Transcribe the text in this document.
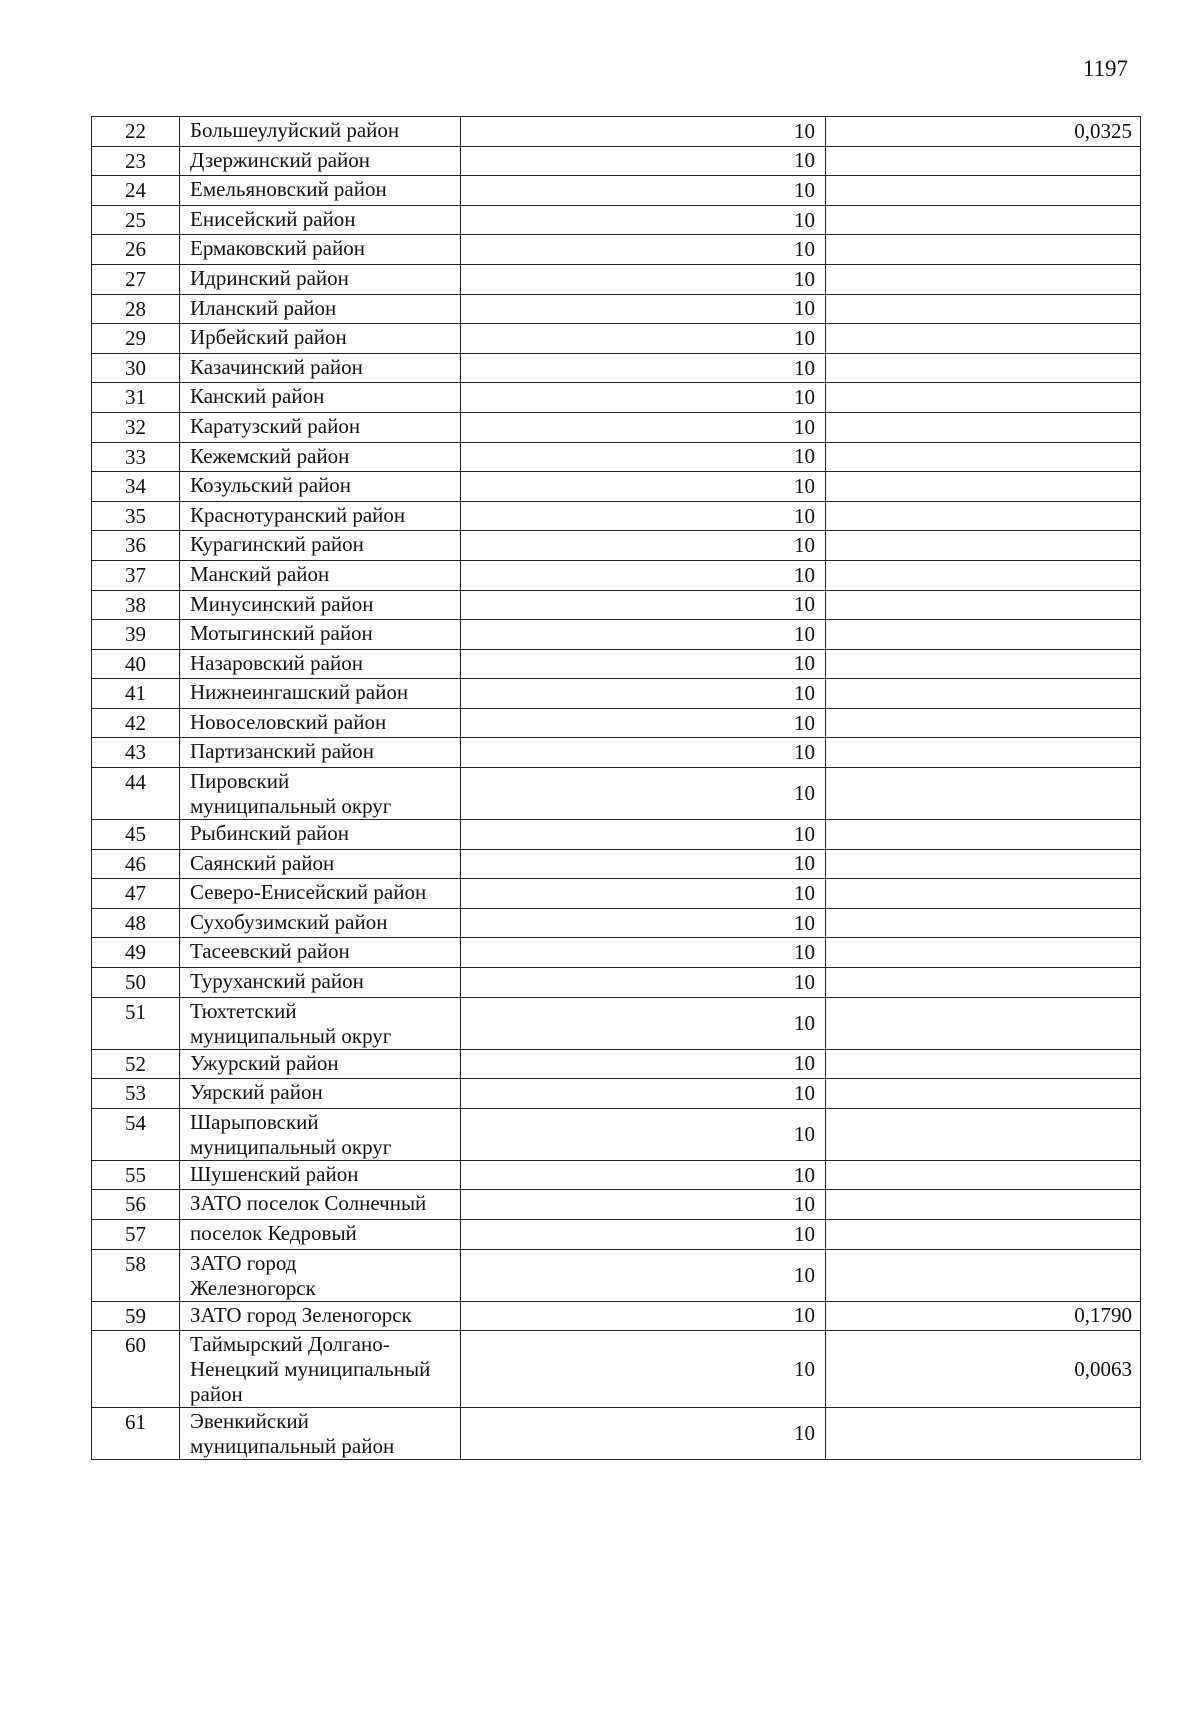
1197
22	Большеулуйский район	10	0,0325
23	Дзержинский район	10	
24	Емельяновский район	10	
25	Енисейский район	10	
26	Ермаковский район	10	
27	Идринский район	10	
28	Иланский район	10	
29	Ирбейский район	10	
30	Казачинский район	10	
31	Канский район	10	
32	Каратузский район	10	
33	Кежемский район	10	
34	Козульский район	10	
35	Краснотуранский район	10	
36	Курагинский район	10	
37	Манский район	10	
38	Минусинский район	10	
39	Мотыгинский район	10	
40	Назаровский район	10	
41	Нижнеингашский район	10	
42	Новоселовский район	10	
43	Партизанский район	10	
44	Пировский
муниципальный округ	10	
45	Рыбинский район	10	
46	Саянский район	10	
47	Северо-Енисейский район	10	
48	Сухобузимский район	10	
49	Тасеевский район	10	
50	Туруханский район	10	
51	Тюхтетский
муниципальный округ	10	
52	Ужурский район	10	
53	Уярский район	10	
54	Шарыповский
муниципальный округ	10	
55	Шушенский район	10	
56	ЗАТО поселок Солнечный	10	
57	поселок Кедровый	10	
58	ЗАТО город
Железногорск	10	
59	ЗАТО город Зеленогорск	10	0,1790
60	Таймырский Долгано-
Ненецкий муниципальный
район	10	0,0063
61	Эвенкийский
муниципальный район	10	
